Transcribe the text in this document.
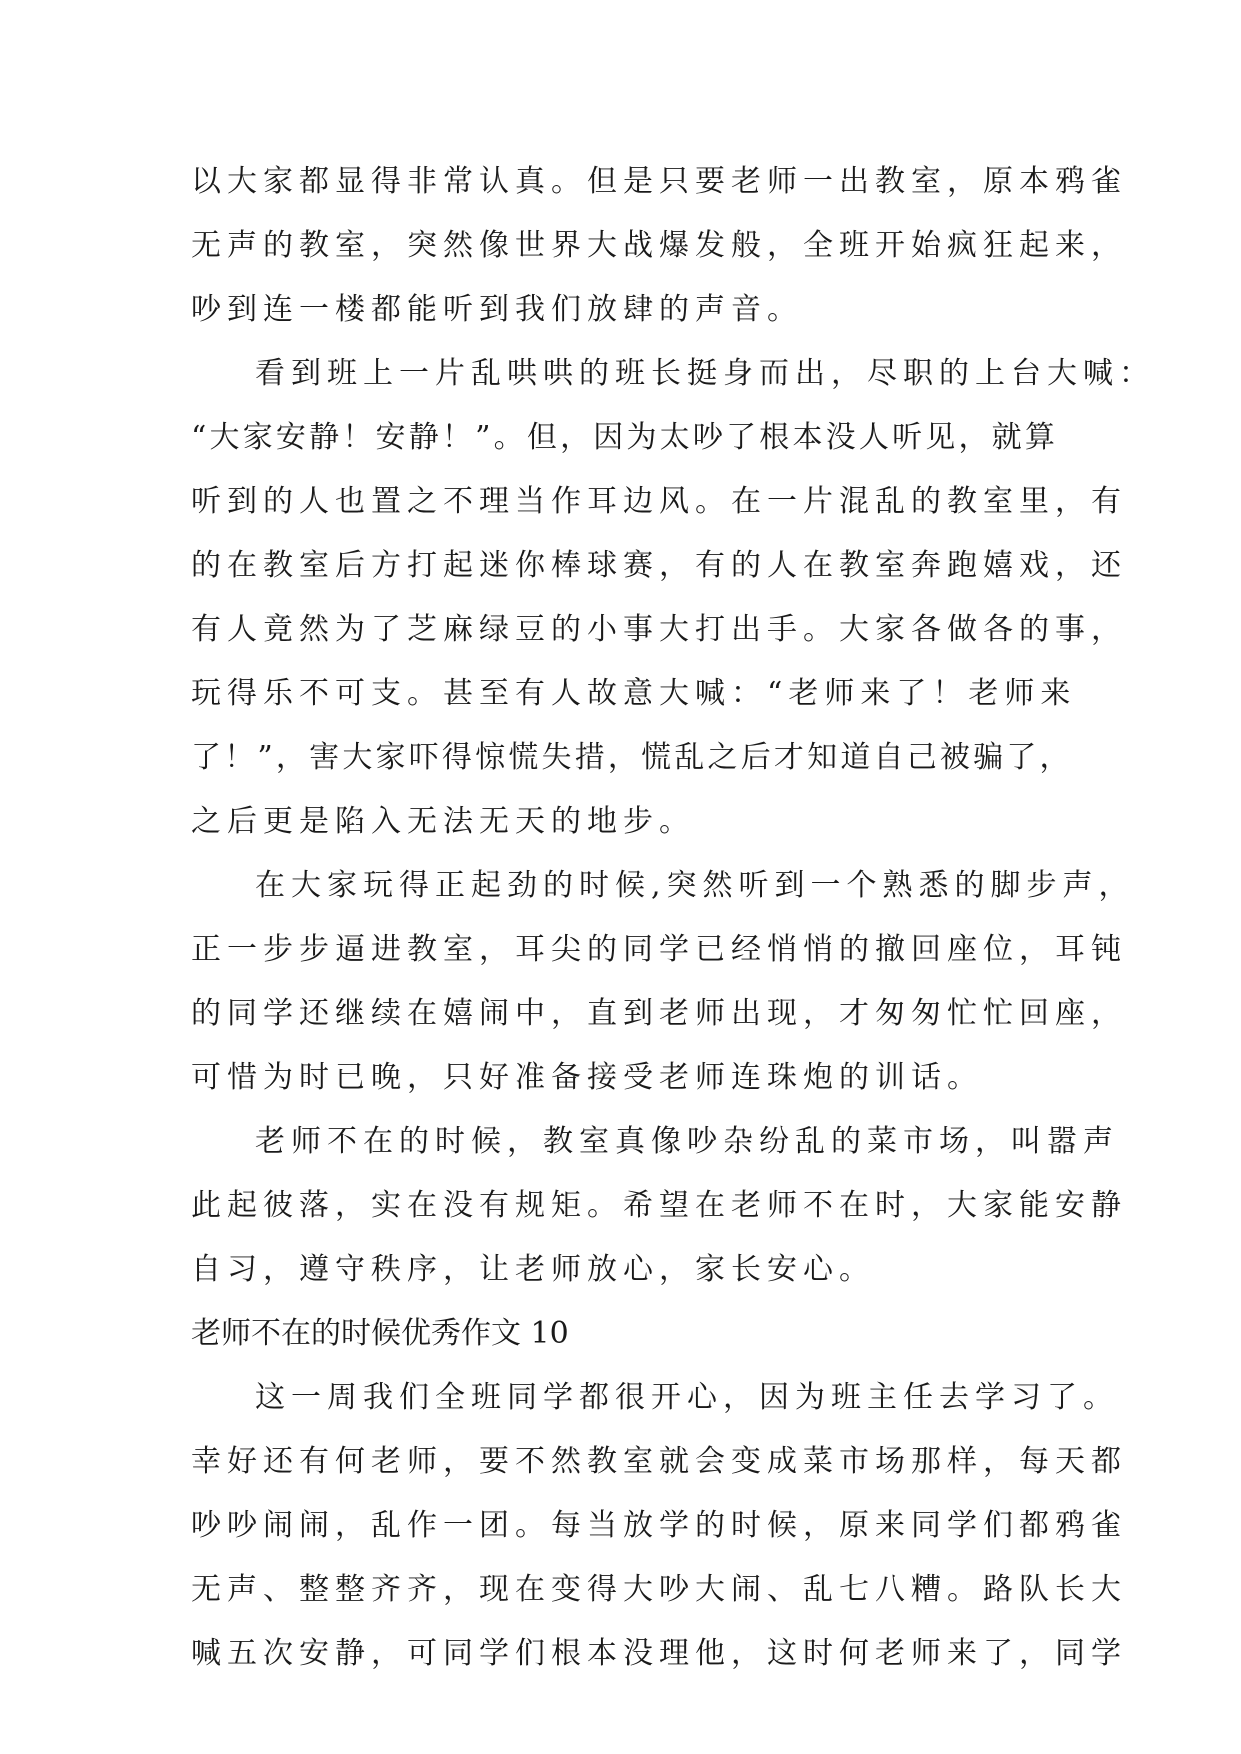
以大家都显得非常认真。但是只要老师一出教室，原本鸦雀
无声的教室，突然像世界大战爆发般，全班开始疯狂起来，
吵到连一楼都能听到我们放肆的声音。
看到班上一片乱哄哄的班长挺身而出，尽职的上台大喊：
“大家安静！安静！”。但，因为太吵了根本没人听见，就算
听到的人也置之不理当作耳边风。在一片混乱的教室里，有
的在教室后方打起迷你棒球赛，有的人在教室奔跑嬉戏，还
有人竟然为了芝麻绿豆的小事大打出手。大家各做各的事，
玩得乐不可支。甚至有人故意大喊：“老师来了！老师来
了！”，害大家吓得惊慌失措，慌乱之后才知道自己被骗了，
之后更是陷入无法无天的地步。
在大家玩得正起劲的时候,突然听到一个熟悉的脚步声，
正一步步逼进教室，耳尖的同学已经悄悄的撤回座位，耳钝
的同学还继续在嬉闹中，直到老师出现，才匆匆忙忙回座，
可惜为时已晚，只好准备接受老师连珠炮的训话。
老师不在的时候，教室真像吵杂纷乱的菜市场，叫嚣声
此起彼落，实在没有规矩。希望在老师不在时，大家能安静
自习，遵守秩序，让老师放心，家长安心。
老师不在的时候优秀作文 10
这一周我们全班同学都很开心，因为班主任去学习了。
幸好还有何老师，要不然教室就会变成菜市场那样，每天都
吵吵闹闹，乱作一团。每当放学的时候，原来同学们都鸦雀
无声、整整齐齐，现在变得大吵大闹、乱七八糟。路队长大
喊五次安静，可同学们根本没理他，这时何老师来了，同学
